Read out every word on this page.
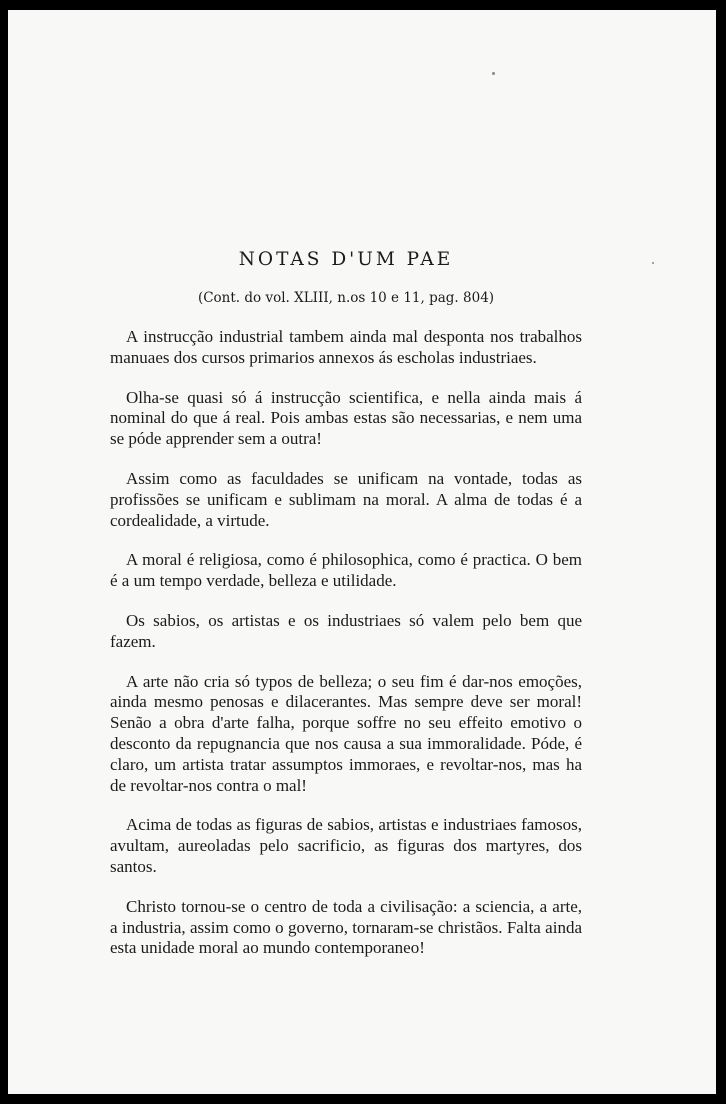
NOTAS D'UM PAE
(Cont. do vol. XLIII, n.os 10 e 11, pag. 804)

A instrucção industrial tambem ainda mal desponta nos trabalhos manuaes dos cursos primarios annexos ás escholas industriaes.

Olha-se quasi só á instrucção scientifica, e nella ainda mais á nominal do que á real. Pois ambas estas são necessarias, e nem uma se póde apprender sem a outra!

Assim como as faculdades se unificam na vontade, todas as profissões se unificam e sublimam na moral. A alma de todas é a cordealidade, a virtude.

A moral é religiosa, como é philosophica, como é practica. O bem é a um tempo verdade, belleza e utilidade.

Os sabios, os artistas e os industriaes só valem pelo bem que fazem.

A arte não cria só typos de belleza; o seu fim é dar-nos emoções, ainda mesmo penosas e dilacerantes. Mas sempre deve ser moral! Senão a obra d'arte falha, porque soffre no seu effeito emotivo o desconto da repugnancia que nos causa a sua immoralidade. Póde, é claro, um artista tratar assumptos immoraes, e revoltar-nos, mas ha de revoltar-nos contra o mal!

Acima de todas as figuras de sabios, artistas e industriaes famosos, avultam, aureoladas pelo sacrificio, as figuras dos martyres, dos santos.

Christo tornou-se o centro de toda a civilisação: a sciencia, a arte, a industria, assim como o governo, tornaram-se christãos. Falta ainda esta unidade moral ao mundo contemporaneo!
